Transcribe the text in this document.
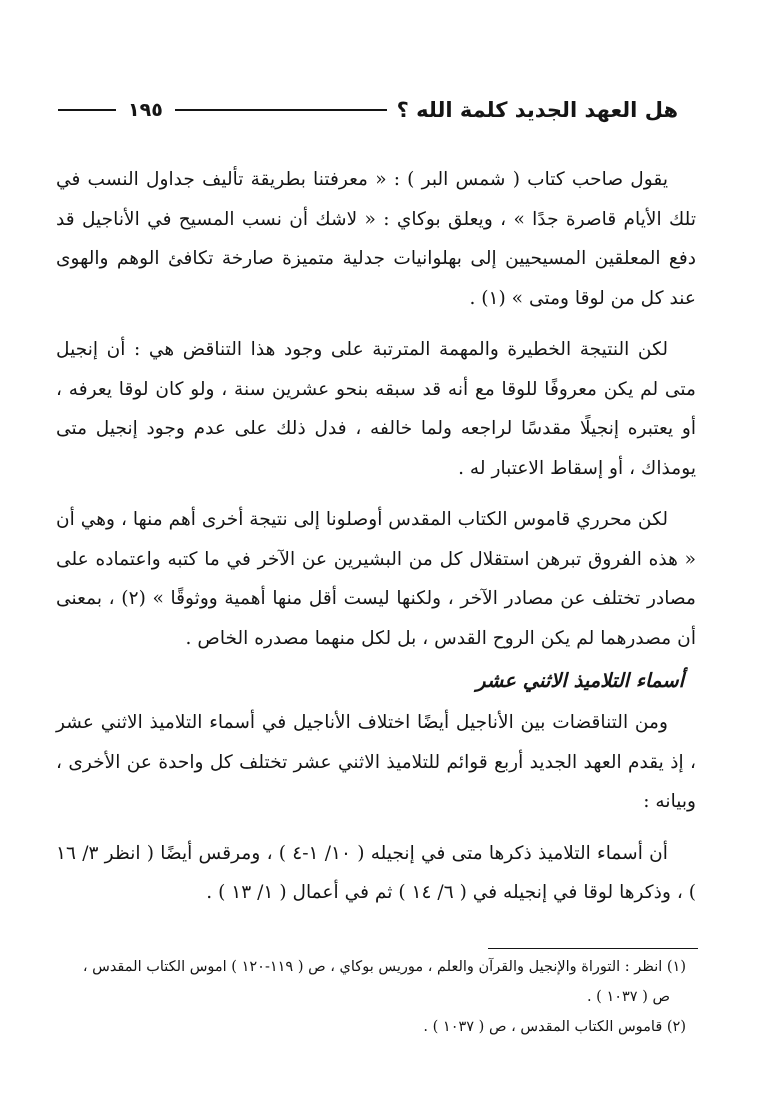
هل العهد الجديد كلمة الله ؟
١٩٥

يقول صاحب كتاب ( شمس البر ) : « معرفتنا بطريقة تأليف جداول النسب في تلك الأيام قاصرة جدًا » ، ويعلق بوكاي : « لاشك أن نسب المسيح في الأناجيل قد دفع المعلقين المسيحيين إلى بهلوانيات جدلية متميزة صارخة تكافئ الوهم والهوى عند كل من لوقا ومتى » (١) .

لكن النتيجة الخطيرة والمهمة المترتبة على وجود هذا التناقض هي : أن إنجيل متى لم يكن معروفًا للوقا مع أنه قد سبقه بنحو عشرين سنة ، ولو كان لوقا يعرفه ، أو يعتبره إنجيلًا مقدسًا لراجعه ولما خالفه ، فدل ذلك على عدم وجود إنجيل متى يومذاك ، أو إسقاط الاعتبار له .

لكن محرري قاموس الكتاب المقدس أوصلونا إلى نتيجة أخرى أهم منها ، وهي أن « هذه الفروق تبرهن استقلال كل من البشيرين عن الآخر في ما كتبه واعتماده على مصادر تختلف عن مصادر الآخر ، ولكنها ليست أقل منها أهمية ووثوقًا » (٢) ، بمعنى أن مصدرهما لم يكن الروح القدس ، بل لكل منهما مصدره الخاص .

أسماء التلاميذ الاثني عشر

ومن التناقضات بين الأناجيل أيضًا اختلاف الأناجيل في أسماء التلاميذ الاثني عشر ، إذ يقدم العهد الجديد أربع قوائم للتلاميذ الاثني عشر تختلف كل واحدة عن الأخرى ، وبيانه :

أن أسماء التلاميذ ذكرها متى في إنجيله ( ١٠/ ١-٤ ) ، ومرقس أيضًا ( انظر ٣/ ١٦ ) ، وذكرها لوقا في إنجيله في ( ٦/ ١٤ ) ثم في أعمال ( ١/ ١٣ ) .

(١) انظر : التوراة والإنجيل والقرآن والعلم ، موريس بوكاي ، ص ( ١١٩-١٢٠ ) اموس الكتاب المقدس ،

ص ( ١٠٣٧ ) .

(٢) قاموس الكتاب المقدس ، ص ( ١٠٣٧ ) .
